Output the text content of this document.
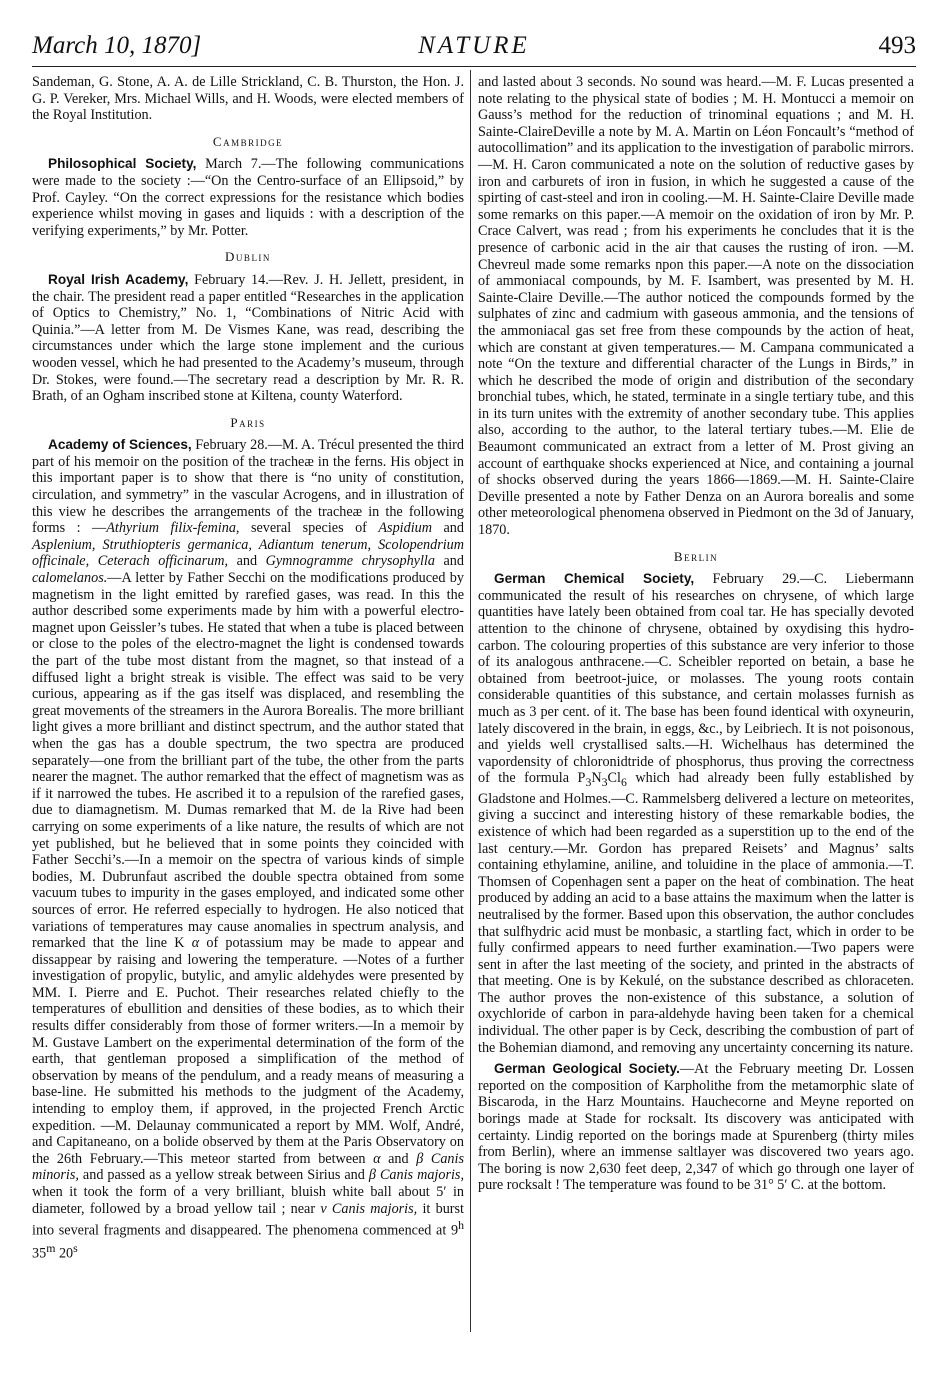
March 10, 1870]	NATURE	493

Sandeman, G. Stone, A. A. de Lille Strickland, C. B. Thurston, the Hon. J. G. P. Vereker, Mrs. Michael Wills, and H. Woods, were elected members of the Royal Institution.

Cambridge

Philosophical Society, March 7.—The following communications were made to the society :—“On the Centro-surface of an Ellipsoid,” by Prof. Cayley. “On the correct expressions for the resistance which bodies experience whilst moving in gases and liquids : with a description of the verifying experiments,” by Mr. Potter.

Dublin

Royal Irish Academy, February 14.—Rev. J. H. Jellett, president, in the chair. The president read a paper entitled “Researches in the application of Optics to Chemistry,” No. 1, “Combinations of Nitric Acid with Quinia.”—A letter from M. De Vismes Kane, was read, describing the circumstances under which the large stone implement and the curious wooden vessel, which he had presented to the Academy’s museum, through Dr. Stokes, were found.—The secretary read a description by Mr. R. R. Brath, of an Ogham inscribed stone at Kiltena, county Waterford.

Paris

Academy of Sciences, February 28.—M. A. Trécul presented the third part of his memoir on the position of the tracheæ in the ferns. His object in this important paper is to show that there is “no unity of constitution, circulation, and symmetry” in the vascular Acrogens, and in illustration of this view he describes the arrangements of the tracheæ in the following forms : —Athyrium filix-femina, several species of Aspidium and Asplenium, Struthiopteris germanica, Adiantum tenerum, Scolopendrium officinale, Ceterach officinarum, and Gymnogramme chrysophylla and calomelanos.—A letter by Father Secchi on the modifications produced by magnetism in the light emitted by rarefied gases, was read. In this the author described some experiments made by him with a powerful electro-magnet upon Geissler’s tubes. He stated that when a tube is placed between or close to the poles of the electro-magnet the light is condensed towards the part of the tube most distant from the magnet, so that instead of a diffused light a bright streak is visible. The effect was said to be very curious, appearing as if the gas itself was displaced, and resembling the great movements of the streamers in the Aurora Borealis. The more brilliant light gives a more brilliant and distinct spectrum, and the author stated that when the gas has a double spectrum, the two spectra are produced separately—one from the brilliant part of the tube, the other from the parts nearer the magnet. The author remarked that the effect of magnetism was as if it narrowed the tubes. He ascribed it to a repulsion of the rarefied gases, due to diamagnetism. M. Dumas remarked that M. de la Rive had been carrying on some experiments of a like nature, the results of which are not yet published, but he believed that in some points they coincided with Father Secchi’s.—In a memoir on the spectra of various kinds of simple bodies, M. Dubrunfaut ascribed the double spectra obtained from some vacuum tubes to impurity in the gases employed, and indicated some other sources of error. He referred especially to hydrogen. He also noticed that variations of temperatures may cause anomalies in spectrum analysis, and remarked that the line K α of potassium may be made to appear and dissappear by raising and lowering the temperature. —Notes of a further investigation of propylic, butylic, and amylic aldehydes were presented by MM. I. Pierre and E. Puchot. Their researches related chiefly to the temperatures of ebullition and densities of these bodies, as to which their results differ considerably from those of former writers.—In a memoir by M. Gustave Lambert on the experimental determination of the form of the earth, that gentleman proposed a simplification of the method of observation by means of the pendulum, and a ready means of measuring a base-line. He submitted his methods to the judgment of the Academy, intending to employ them, if approved, in the projected French Arctic expedition. —M. Delaunay communicated a report by MM. Wolf, André, and Capitaneano, on a bolide observed by them at the Paris Observatory on the 26th February.—This meteor started from between α and β Canis minoris, and passed as a yellow streak between Sirius and β Canis majoris, when it took the form of a very brilliant, bluish white ball about 5′ in diameter, followed by a broad yellow tail ; near ν Canis majoris, it burst into several fragments and disappeared. The phenomena commenced at 9$^h$ 35$^m$ 20$^s$

and lasted about 3 seconds. No sound was heard.—M. F. Lucas presented a note relating to the physical state of bodies ; M. H. Montucci a memoir on Gauss’s method for the reduction of trinominal equations ; and M. H. Sainte-ClaireDeville a note by M. A. Martin on Léon Foncault’s “method of autocollimation” and its application to the investigation of parabolic mirrors.—M. H. Caron communicated a note on the solution of reductive gases by iron and carburets of iron in fusion, in which he suggested a cause of the spirting of cast-steel and iron in cooling.—M. H. Sainte-Claire Deville made some remarks on this paper.—A memoir on the oxidation of iron by Mr. P. Crace Calvert, was read ; from his experiments he concludes that it is the presence of carbonic acid in the air that causes the rusting of iron. —M. Chevreul made some remarks npon this paper.—A note on the dissociation of ammoniacal compounds, by M. F. Isambert, was presented by M. H. Sainte-Claire Deville.—The author noticed the compounds formed by the sulphates of zinc and cadmium with gaseous ammonia, and the tensions of the ammoniacal gas set free from these compounds by the action of heat, which are constant at given temperatures.— M. Campana communicated a note “On the texture and differential character of the Lungs in Birds,” in which he described the mode of origin and distribution of the secondary bronchial tubes, which, he stated, terminate in a single tertiary tube, and this in its turn unites with the extremity of another secondary tube. This applies also, according to the author, to the lateral tertiary tubes.—M. Elie de Beaumont communicated an extract from a letter of M. Prost giving an account of earthquake shocks experienced at Nice, and containing a journal of shocks observed during the years 1866—1869.—M. H. Sainte-Claire Deville presented a note by Father Denza on an Aurora borealis and some other meteorological phenomena observed in Piedmont on the 3d of January, 1870.

Berlin

German Chemical Society, February 29.—C. Liebermann communicated the result of his researches on chrysene, of which large quantities have lately been obtained from coal tar. He has specially devoted attention to the chinone of chrysene, obtained by oxydising this hydro-carbon. The colouring properties of this substance are very inferior to those of its analogous anthracene.—C. Scheibler reported on betain, a base he obtained from beetroot-juice, or molasses. The young roots contain considerable quantities of this substance, and certain molasses furnish as much as 3 per cent. of it. The base has been found identical with oxyneurin, lately discovered in the brain, in eggs, &c., by Leibriech. It is not poisonous, and yields well crystallised salts.—H. Wichelhaus has determined the vapordensity of chloronidtride of phosphorus, thus proving the correctness of the formula $P_3N_3Cl_6$ which had already been fully established by Gladstone and Holmes.—C. Rammelsberg delivered a lecture on meteorites, giving a succinct and interesting history of these remarkable bodies, the existence of which had been regarded as a superstition up to the end of the last century.—Mr. Gordon has prepared Reisets’ and Magnus’ salts containing ethylamine, aniline, and toluidine in the place of ammonia.—T. Thomsen of Copenhagen sent a paper on the heat of combination. The heat produced by adding an acid to a base attains the maximum when the latter is neutralised by the former. Based upon this observation, the author concludes that sulfhydric acid must be monbasic, a startling fact, which in order to be fully confirmed appears to need further examination.—Two papers were sent in after the last meeting of the society, and printed in the abstracts of that meeting. One is by Kekulé, on the substance described as chloraceten. The author proves the non-existence of this substance, a solution of oxychloride of carbon in para-aldehyde having been taken for a chemical individual. The other paper is by Ceck, describing the combustion of part of the Bohemian diamond, and removing any uncertainty concerning its nature.

German Geological Society.—At the February meeting Dr. Lossen reported on the composition of Karpholithe from the metamorphic slate of Biscaroda, in the Harz Mountains. Hauchecorne and Meyne reported on borings made at Stade for rocksalt. Its discovery was anticipated with certainty. Lindig reported on the borings made at Spurenberg (thirty miles from Berlin), where an immense saltlayer was discovered two years ago. The boring is now 2,630 feet deep, 2,347 of which go through one layer of pure rocksalt ! The temperature was found to be 31° 5′ C. at the bottom.
